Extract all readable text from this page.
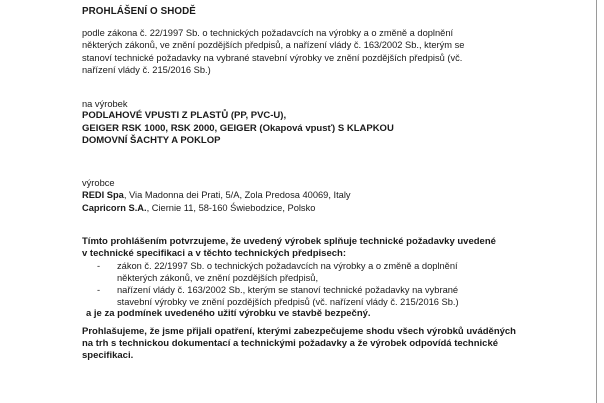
PROHLÁŠENÍ O SHODĚ
podle zákona č. 22/1997 Sb. o technických požadavcích na výrobky a o změně a doplnění
některých zákonů, ve znění pozdějších předpisů, a nařízení vlády č. 163/2002 Sb., kterým se
stanoví technické požadavky na vybrané stavební výrobky ve znění pozdějších předpisů (vč.
nařízení vlády č. 215/2016 Sb.)
na výrobek
PODLAHOVÉ VPUSTI Z PLASTŮ (PP, PVC-U),
GEIGER RSK 1000, RSK 2000, GEIGER (Okapová vpusť) S KLAPKOU
DOMOVNÍ ŠACHTY A POKLOP
výrobce
REDI Spa, Via Madonna dei Prati, 5/A, Zola Predosa 40069, Italy
Capricorn S.A., Ciernie 11, 58-160 Świebodzice, Polsko
Tímto prohlášením potvrzujeme, že uvedený výrobek splňuje technické požadavky uvedené
v technické specifikaci a v těchto technických předpisech:
- zákon č. 22/1997 Sb. o technických požadavcích na výrobky a o změně a doplnění
některých zákonů, ve znění pozdějších předpisů,
- nařízení vlády č. 163/2002 Sb., kterým se stanoví technické požadavky na vybrané
stavební výrobky ve znění pozdějších předpisů (vč. nařízení vlády č. 215/2016 Sb.)
a je za podmínek uvedeného užití výrobku ve stavbě bezpečný.
Prohlašujeme, že jsme přijali opatření, kterými zabezpečujeme shodu všech výrobků uváděných
na trh s technickou dokumentací a technickými požadavky a že výrobek odpovídá technické
specifikaci.
